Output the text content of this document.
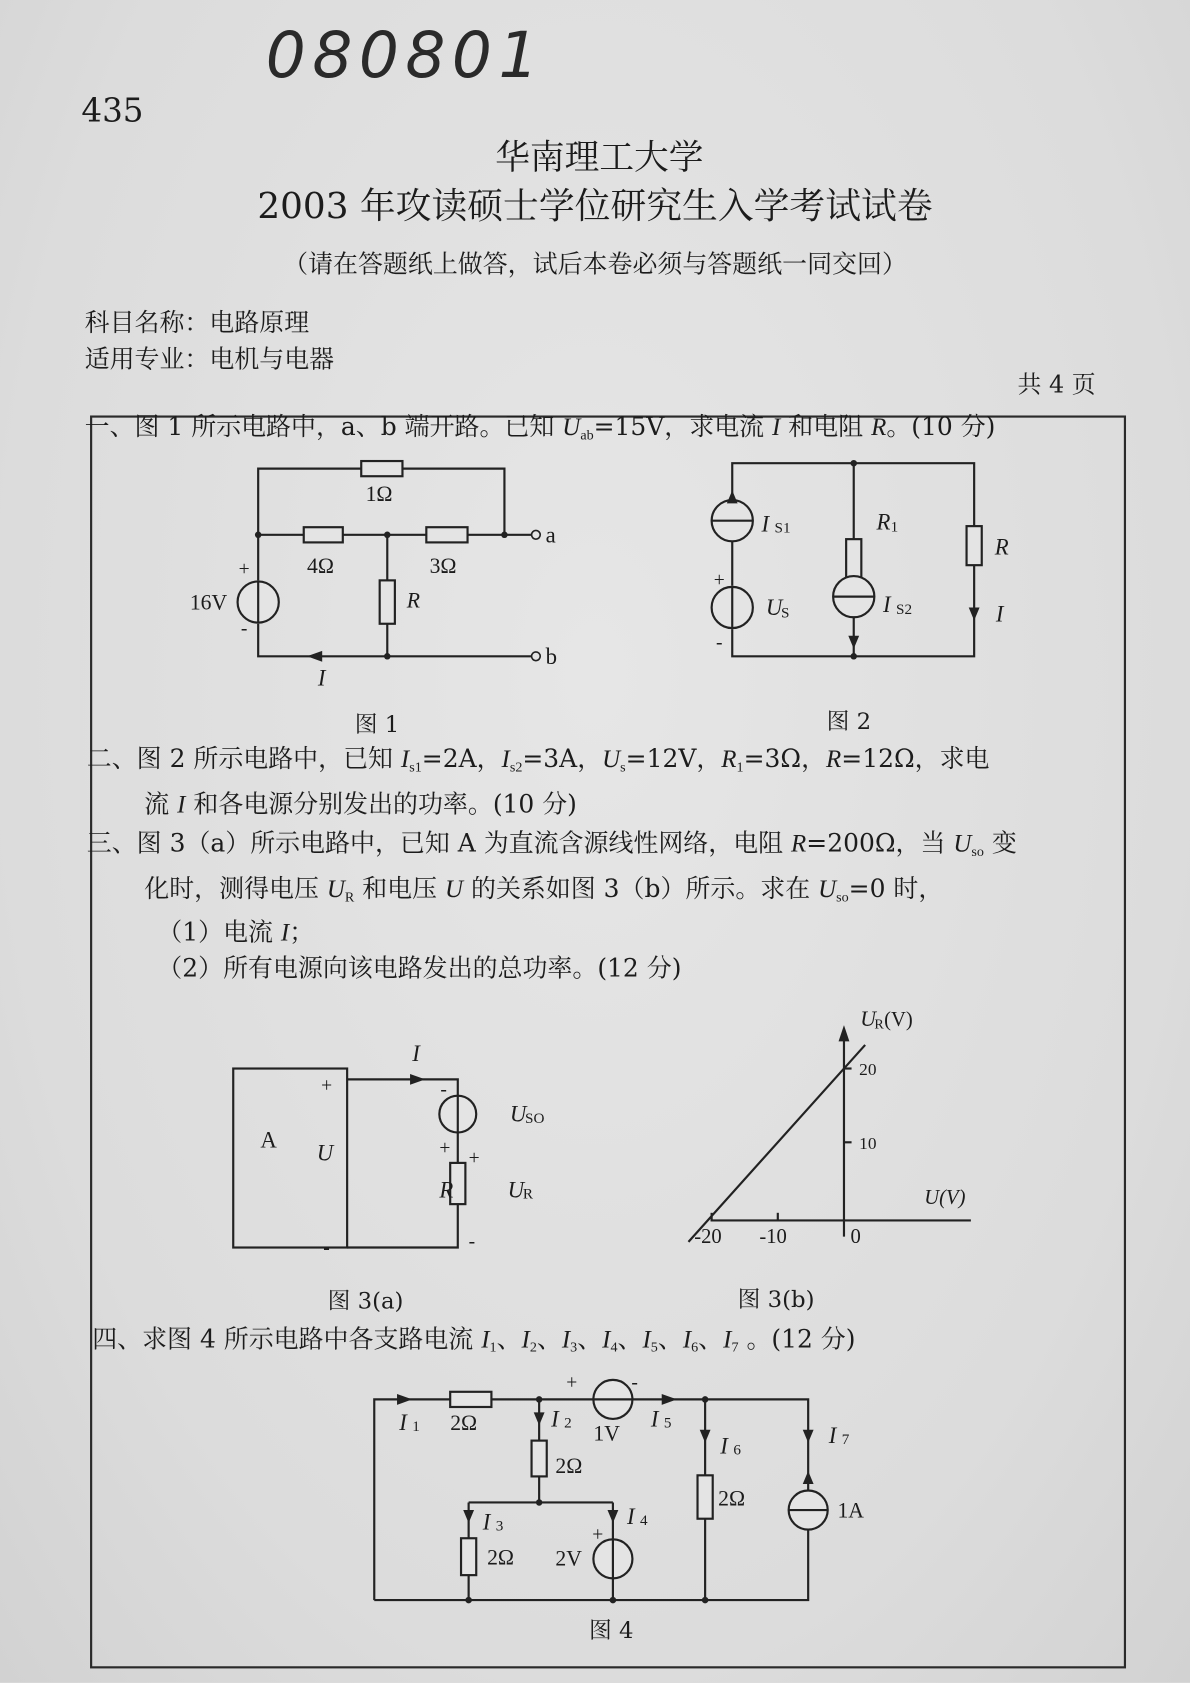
080801
435
华南理工大学
2003 年攻读硕士学位研究生入学考试试卷
（请在答题纸上做答，试后本卷必须与答题纸一同交回）
科目名称：电路原理
适用专业：电机与电器
共 4 页
一、图 1 所示电路中，a、b 端开路。已知 Uab=15V，求电流 I 和电阻 R。(10 分)
二、图 2 所示电路中，已知 Is1=2A，Is2=3A，Us=12V，R1=3Ω，R=12Ω，求电
流 I 和各电源分别发出的功率。(10 分)
三、图 3（a）所示电路中，已知 A 为直流含源线性网络，电阻 R=200Ω，当 Uso 变
化时，测得电压 UR 和电压 U 的关系如图 3（b）所示。求在 Uso=0 时，
（1）电流 I；
（2）所有电源向该电路发出的总功率。(12 分)
四、求图 4 所示电路中各支路电流 I1、I2、I3、I4、I5、I6、I7 。(12 分)
1Ω
4Ω	3Ω
R
16V
+
-
a
b
I
图 1
I S1
U
S
+
-
R 1
I S2
R
I
图 2
A
U
+
-
I
-
+
U
SO
+
R	U
R
-
图 3(a)
U
R (V)
20
10
U(V)
-20 -10	0
图 3(b)
I 1 2Ω	I 2
2Ω
+	-
1V
I 5
I 6
2Ω
I 7
1A
I 3
2Ω
I 4
+
2V
图 4
